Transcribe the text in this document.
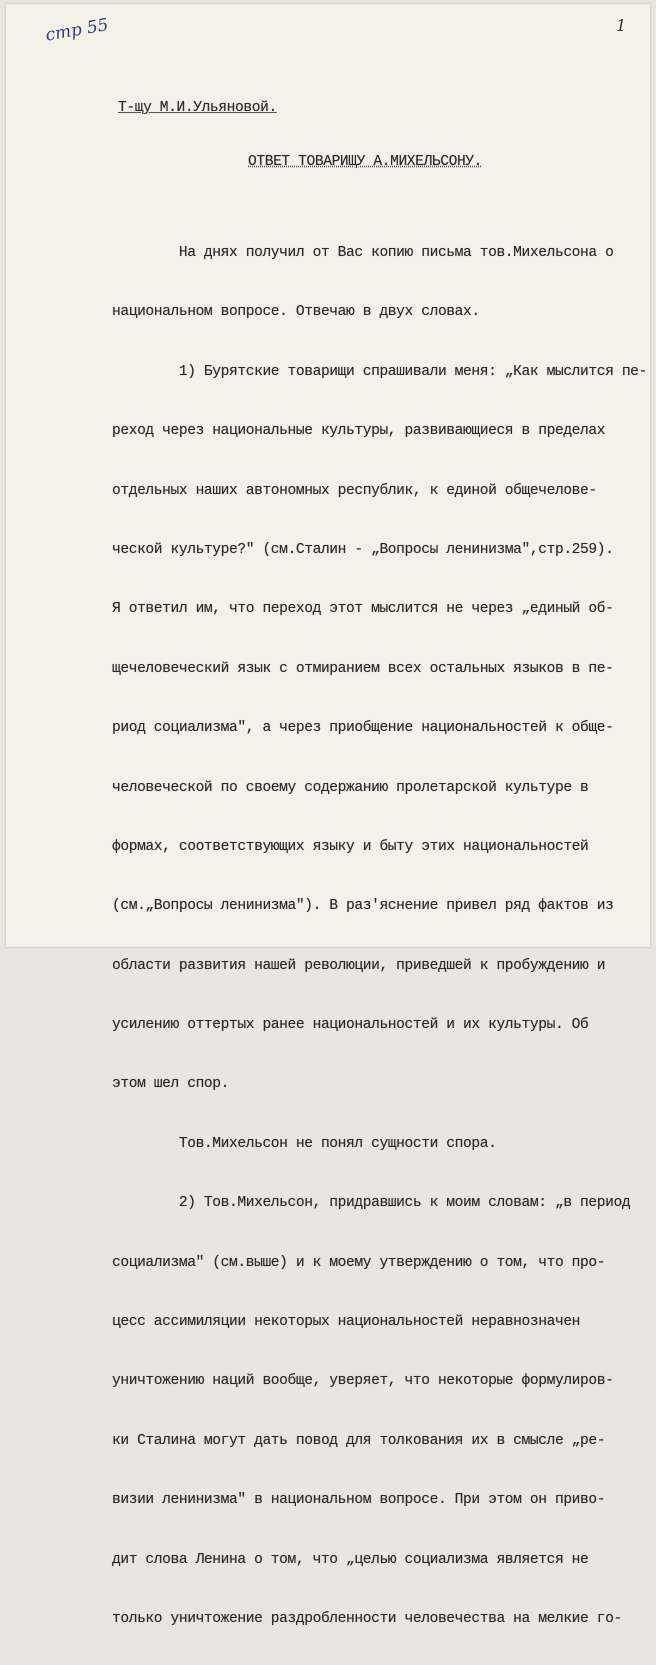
cmp 55	1
Т-щу М.И.Ульяновой.
ОТВЕТ ТОВАРИЩУ А.МИХЕЛЬСОНУ.

На днях получил от Вас копию письма тов.Михельсона о

национальном вопросе. Отвечаю в двух словах.

1) Бурятские товарищи спрашивали меня: „Как мыслится пе-

реход через национальные культуры, развивающиеся в пределах

отдельных наших автономных республик, к единой общечелове-

ческой культуре?" (см.Сталин - „Вопросы ленинизма",стр.259).

Я ответил им, что переход этот мыслится не через „единый об-

щечеловеческий язык с отмиранием всех остальных языков в пе-

риод социализма", а через приобщение национальностей к обще-

человеческой по своему содержанию пролетарской культуре в

формах, соответствующих языку и быту этих национальностей

(см.„Вопросы ленинизма"). В раз'яснение привел ряд фактов из

области развития нашей революции, приведшей к пробуждению и

усилению оттертых ранее национальностей и их культуры. Об

этом шел спор.

Тов.Михельсон не понял сущности спора.

2) Тов.Михельсон, придравшись к моим словам: „в период

социализма" (см.выше) и к моему утверждению о том, что про-

цесс ассимиляции некоторых национальностей неравнозначен

уничтожению наций вообще, уверяет, что некоторые формулиров-

ки Сталина могут дать повод для толкования их в смысле „ре-

визии ленинизма" в национальном вопросе. При этом он приво-

дит слова Ленина о том, что „целью социализма является не

только уничтожение раздробленности человечества на мелкие го-
